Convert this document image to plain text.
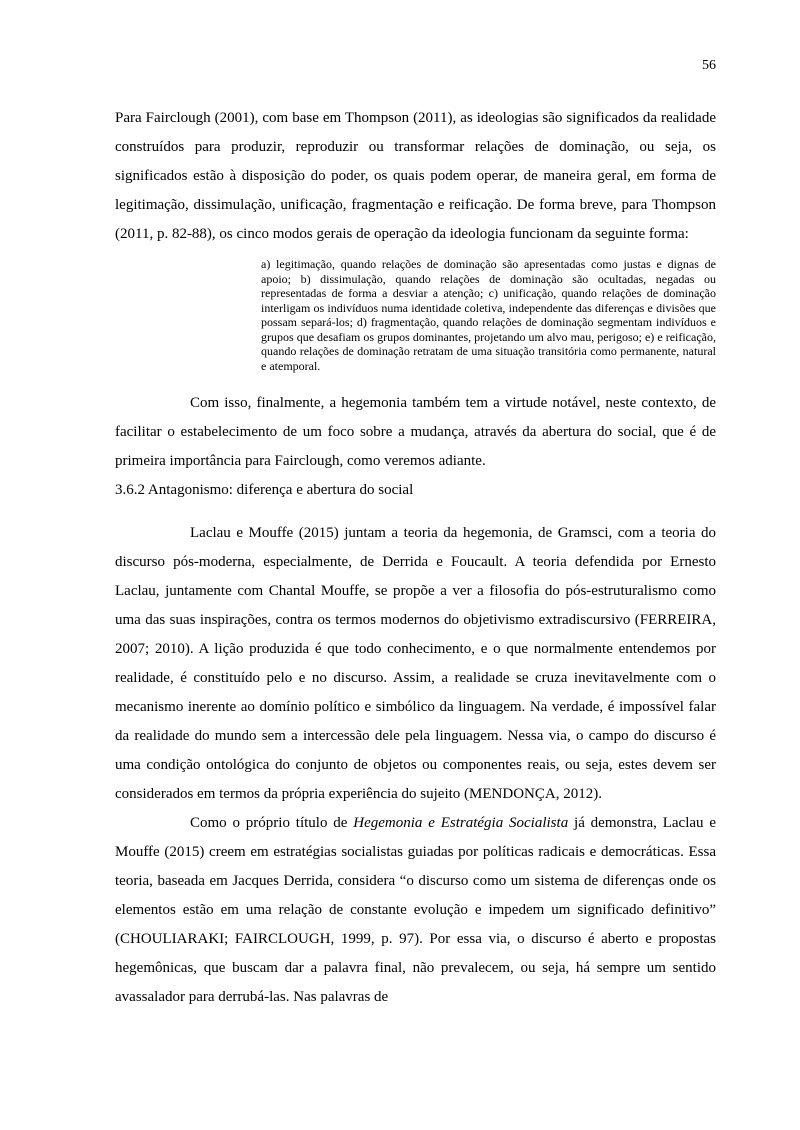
56

Para Fairclough (2001), com base em Thompson (2011), as ideologias são significados da realidade construídos para produzir, reproduzir ou transformar relações de dominação, ou seja, os significados estão à disposição do poder, os quais podem operar, de maneira geral, em forma de legitimação, dissimulação, unificação, fragmentação e reificação. De forma breve, para Thompson (2011, p. 82-88), os cinco modos gerais de operação da ideologia funcionam da seguinte forma:

a) legitimação, quando relações de dominação são apresentadas como justas e dignas de apoio; b) dissimulação, quando relações de dominação são ocultadas, negadas ou representadas de forma a desviar a atenção; c) unificação, quando relações de dominação interligam os indivíduos numa identidade coletiva, independente das diferenças e divisões que possam separá-los; d) fragmentação, quando relações de dominação segmentam indivíduos e grupos que desafiam os grupos dominantes, projetando um alvo mau, perigoso; e) e reificação, quando relações de dominação retratam de uma situação transitória como permanente, natural e atemporal.

Com isso, finalmente, a hegemonia também tem a virtude notável, neste contexto, de facilitar o estabelecimento de um foco sobre a mudança, através da abertura do social, que é de primeira importância para Fairclough, como veremos adiante.

3.6.2 Antagonismo: diferença e abertura do social

Laclau e Mouffe (2015) juntam a teoria da hegemonia, de Gramsci, com a teoria do discurso pós-moderna, especialmente, de Derrida e Foucault. A teoria defendida por Ernesto Laclau, juntamente com Chantal Mouffe, se propõe a ver a filosofia do pós-estruturalismo como uma das suas inspirações, contra os termos modernos do objetivismo extradiscursivo (FERREIRA, 2007; 2010). A lição produzida é que todo conhecimento, e o que normalmente entendemos por realidade, é constituído pelo e no discurso. Assim, a realidade se cruza inevitavelmente com o mecanismo inerente ao domínio político e simbólico da linguagem. Na verdade, é impossível falar da realidade do mundo sem a intercessão dele pela linguagem. Nessa via, o campo do discurso é uma condição ontológica do conjunto de objetos ou componentes reais, ou seja, estes devem ser considerados em termos da própria experiência do sujeito (MENDONÇA, 2012).

Como o próprio título de Hegemonia e Estratégia Socialista já demonstra, Laclau e Mouffe (2015) creem em estratégias socialistas guiadas por políticas radicais e democráticas. Essa teoria, baseada em Jacques Derrida, considera “o discurso como um sistema de diferenças onde os elementos estão em uma relação de constante evolução e impedem um significado definitivo” (CHOULIARAKI; FAIRCLOUGH, 1999, p. 97). Por essa via, o discurso é aberto e propostas hegemônicas, que buscam dar a palavra final, não prevalecem, ou seja, há sempre um sentido avassalador para derrubá-las. Nas palavras de
